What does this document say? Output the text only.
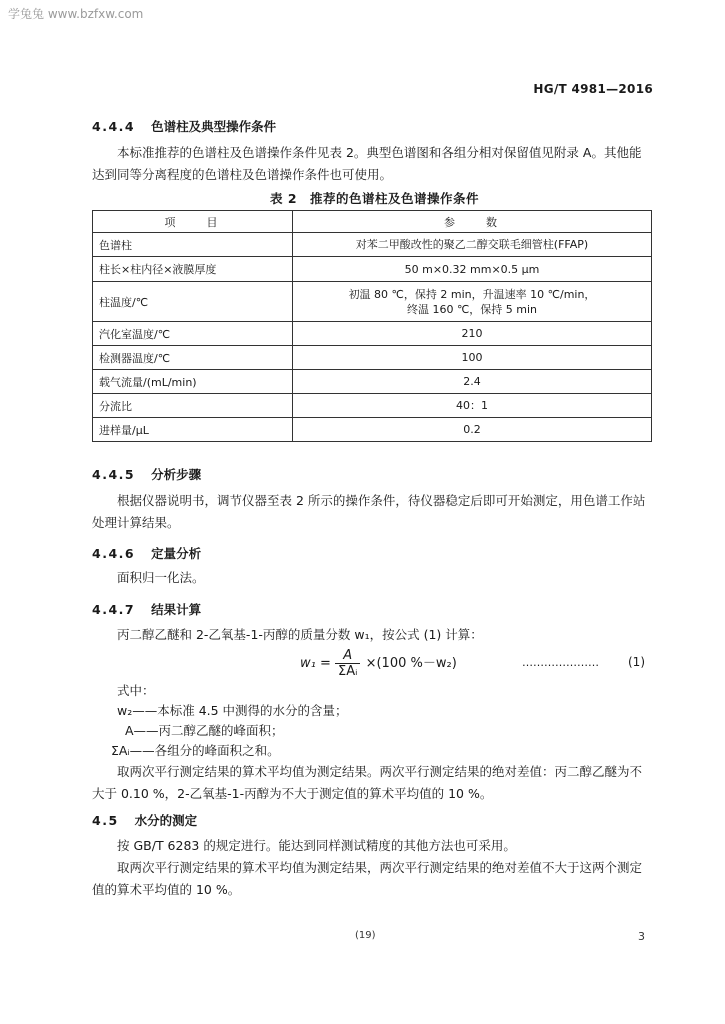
学兔兔 www.bzfxw.com
HG/T 4981—2016
4.4.4 色谱柱及典型操作条件
本标准推荐的色谱柱及色谱操作条件见表 2。典型色谱图和各组分相对保留值见附录 A。其他能
达到同等分离程度的色谱柱及色谱操作条件也可使用。
表 2　推荐的色谱柱及色谱操作条件
项　　目	参　　数
色谱柱	对苯二甲酸改性的聚乙二醇交联毛细管柱(FFAP)
柱长×柱内径×液膜厚度	50 m×0.32 mm×0.5 μm
柱温度/℃	初温 80 ℃，保持 2 min，升温速率 10 ℃/min，
终温 160 ℃，保持 5 min

汽化室温度/℃	210
检测器温度/℃	100
载气流量/(mL/min)	2.4
分流比	40：1
进样量/μL	0.2
4.4.5 分析步骤
根据仪器说明书，调节仪器至表 2 所示的操作条件，待仪器稳定后即可开始测定，用色谱工作站
处理计算结果。
4.4.6 定量分析
面积归一化法。
4.4.7 结果计算
丙二醇乙醚和 2-乙氧基-1-丙醇的质量分数 w₁，按公式 (1) 计算：
$w_1 = \frac{A}{\text{ΣAᵢ}} \times(100$ %－w₂)	………………… (1)
式中：
w₂——本标准 4.5 中测得的水分的含量；
A——丙二醇乙醚的峰面积；
ΣAᵢ——各组分的峰面积之和。
取两次平行测定结果的算术平均值为测定结果。两次平行测定结果的绝对差值：丙二醇乙醚为不
大于 0.10 %，2-乙氧基-1-丙醇为不大于测定值的算术平均值的 10 %。
4.5 水分的测定
按 GB/T 6283 的规定进行。能达到同样测试精度的其他方法也可采用。
取两次平行测定结果的算术平均值为测定结果，两次平行测定结果的绝对差值不大于这两个测定
值的算术平均值的 10 %。
(19)	3
